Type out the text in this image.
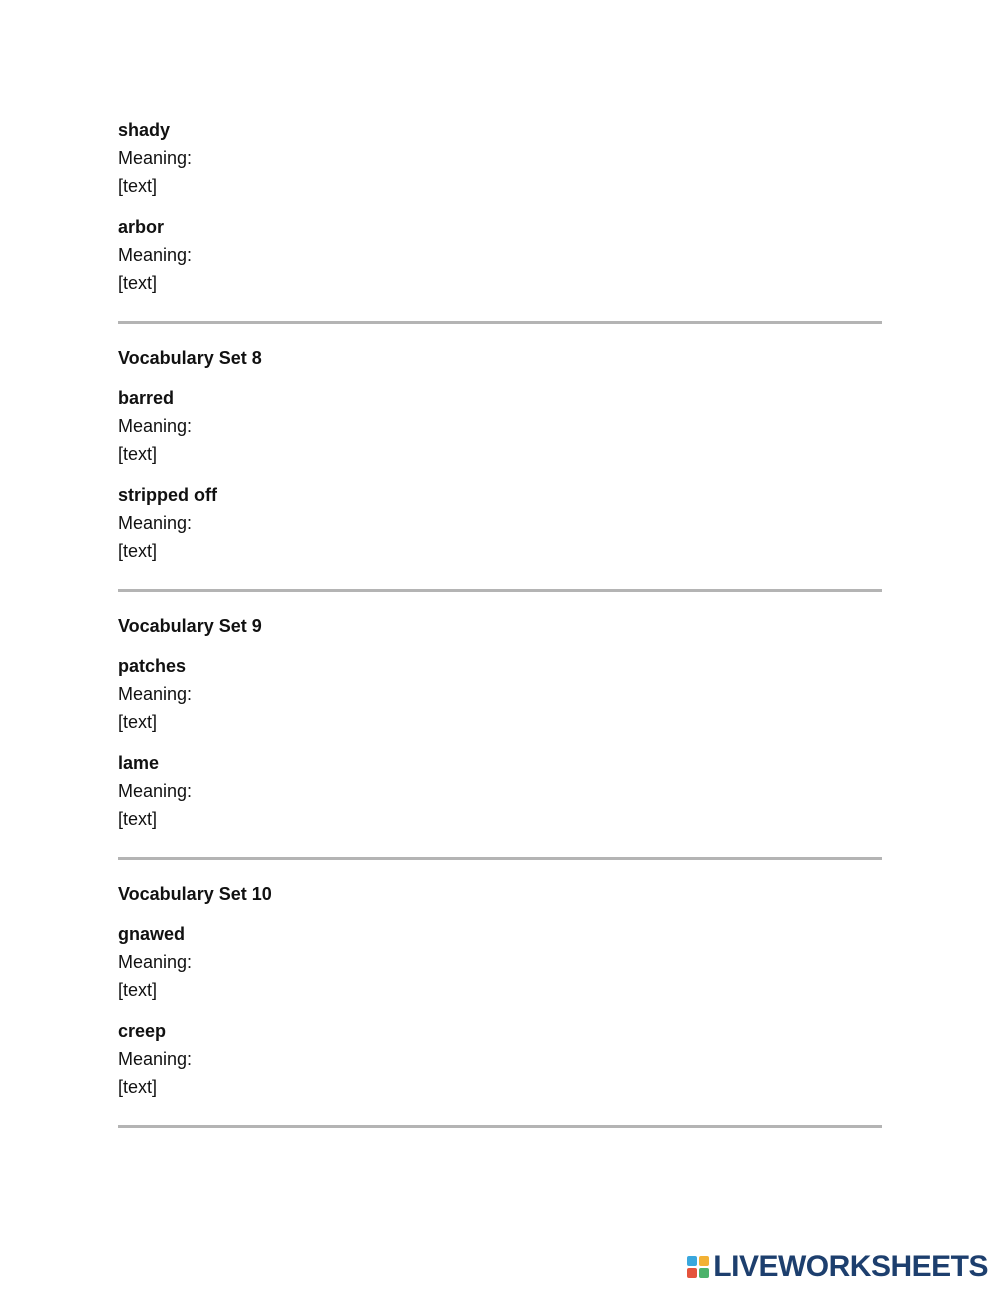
shady
Meaning:
[text]
arbor
Meaning:
[text]
Vocabulary Set 8
barred
Meaning:
[text]
stripped off
Meaning:
[text]
Vocabulary Set 9
patches
Meaning:
[text]
lame
Meaning:
[text]
Vocabulary Set 10
gnawed
Meaning:
[text]
creep
Meaning:
[text]
LIVEWORKSHEETS
